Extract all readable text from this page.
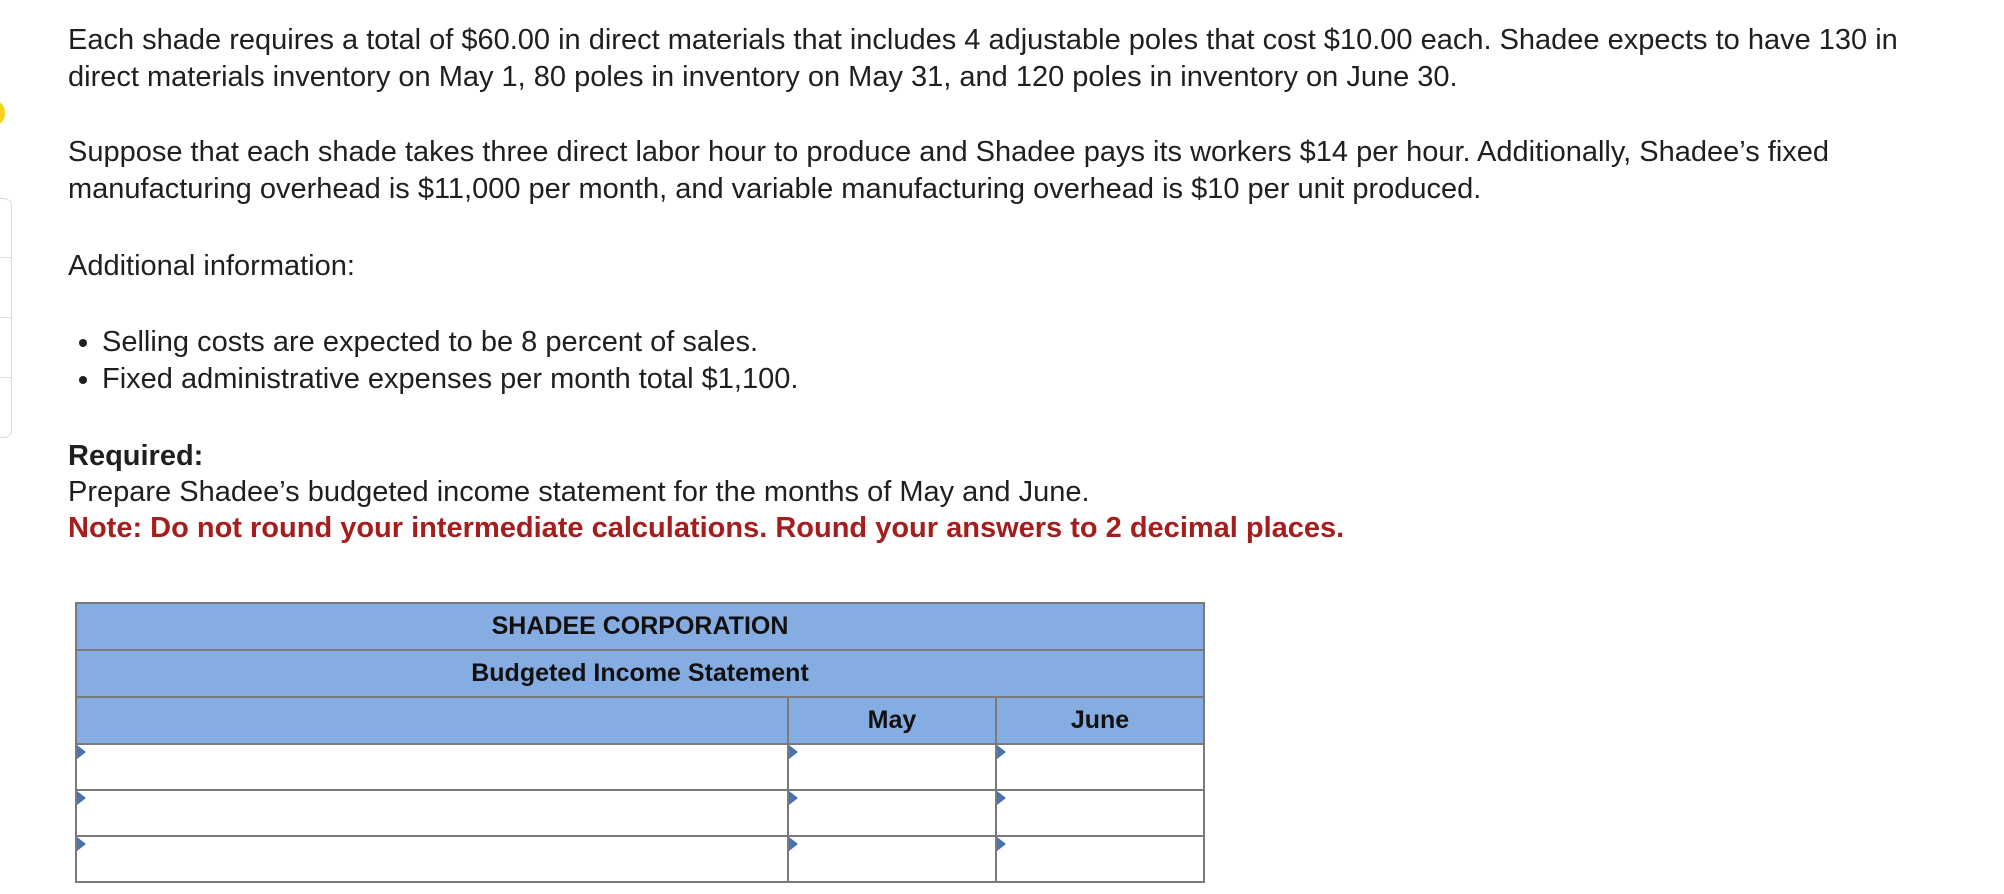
Each shade requires a total of $60.00 in direct materials that includes 4 adjustable poles that cost $10.00 each. Shadee expects to have 130 in direct materials inventory on May 1, 80 poles in inventory on May 31, and 120 poles in inventory on June 30.

Suppose that each shade takes three direct labor hour to produce and Shadee pays its workers $14 per hour. Additionally, Shadee’s fixed manufacturing overhead is $11,000 per month, and variable manufacturing overhead is $10 per unit produced.

Additional information:

• Selling costs are expected to be 8 percent of sales.
• Fixed administrative expenses per month total $1,100.
Required:
Prepare Shadee’s budgeted income statement for the months of May and June.
Note: Do not round your intermediate calculations. Round your answers to 2 decimal places.
SHADEE CORPORATION		
Budgeted Income Statement		
	May	June
